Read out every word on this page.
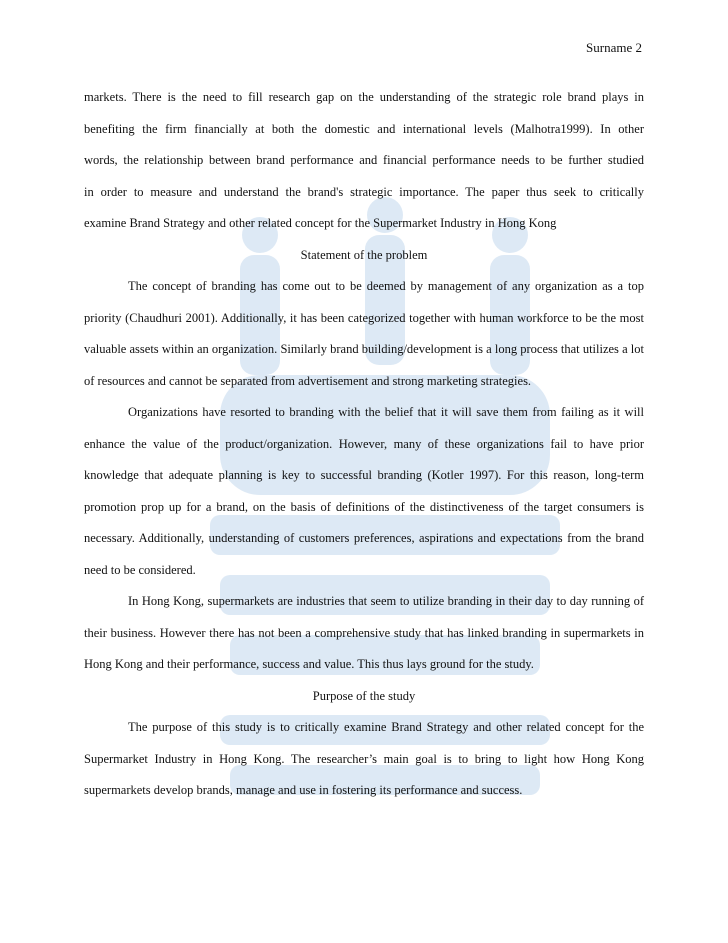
Surname 2

markets. There is the need to fill research gap on the understanding of the strategic role brand plays in

benefiting the firm financially at both the domestic and international levels (Malhotra1999). In other

words, the relationship between brand performance and financial performance needs to be further studied

in order to measure and understand the brand's strategic importance. The paper thus seek to critically

examine Brand Strategy and other related concept for the Supermarket Industry in Hong Kong

Statement of the problem

The concept of branding has come out to be deemed by management of any organization as a top priority (Chaudhuri 2001). Additionally, it has been categorized together with human workforce to be the most valuable assets within an organization. Similarly brand building/development is a long process that utilizes a lot of resources and cannot be separated from advertisement and strong marketing strategies.

Organizations have resorted to branding with the belief that it will save them from failing as it will enhance the value of the product/organization. However, many of these organizations fail to have prior knowledge that adequate planning is key to successful branding (Kotler 1997). For this reason, long-term promotion prop up for a brand, on the basis of definitions of the distinctiveness of the target consumers is necessary. Additionally, understanding of customers preferences, aspirations and expectations from the brand need to be considered.

In Hong Kong, supermarkets are industries that seem to utilize branding in their day to day running of their business. However there has not been a comprehensive study that has linked branding in supermarkets in Hong Kong and their performance, success and value. This thus lays ground for the study.

Purpose of the study

The purpose of this study is to critically examine Brand Strategy and other related concept for the Supermarket Industry in Hong Kong. The researcher’s main goal is to bring to light how Hong Kong supermarkets develop brands, manage and use in fostering its performance and success.
